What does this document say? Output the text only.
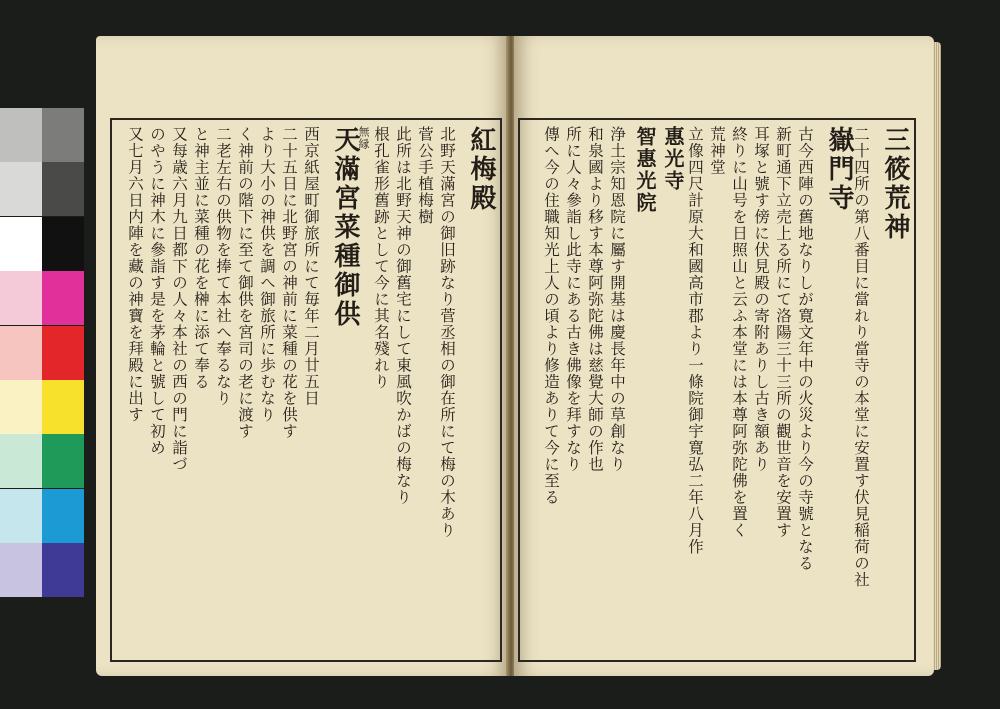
紅梅殿
北野天滿宮の御旧跡なり菅丞相の御在所にて梅の木あり
菅公手植梅樹
此所は北野天神の御舊宅にして東風吹かばの梅なり
根孔雀形舊跡として今に其名殘れり
無縁
天滿宮菜種御供
西京紙屋町御旅所にて毎年二月廿五日
二十五日に北野宮の神前に菜種の花を供す
より大小の神供を調へ御旅所に歩むなり
く神前の階下に至て御供を宮司の老に渡す
二老左右の供物を捧て本社へ奉るなり
と神主並に菜種の花を榊に添て奉る
又每歳六月九日都下の人々本社の西の門に詣づ
のやうに神木に參詣す是を茅輪と號して初め
又七月六日内陣を藏の神寶を拜殿に出す	三筱荒神
二十四所の第八番目に當れり當寺の本堂に安置す伏見稲荷の社
嶽門寺
古今西陣の舊地なりしが寛文年中の火災より今の寺號となる
新町通下立売上る所にて洛陽三十三所の觀世音を安置す
耳塚と號す傍に伏見殿の寄附ありし古き額あり
終りに山号を日照山と云ふ本堂には本尊阿弥陀佛を置く
荒神堂
立像四尺計原大和國高市郡より一條院御宇寛弘二年八月作
惠光寺
智惠光院
浄土宗知恩院に屬す開基は慶長年中の草創なり
和泉國より移す本尊阿弥陀佛は慈覺大師の作也
所に人々參詣し此寺にある古き佛像を拜すなり
傳へ今の住職知光上人の頃より修造ありて今に至る
